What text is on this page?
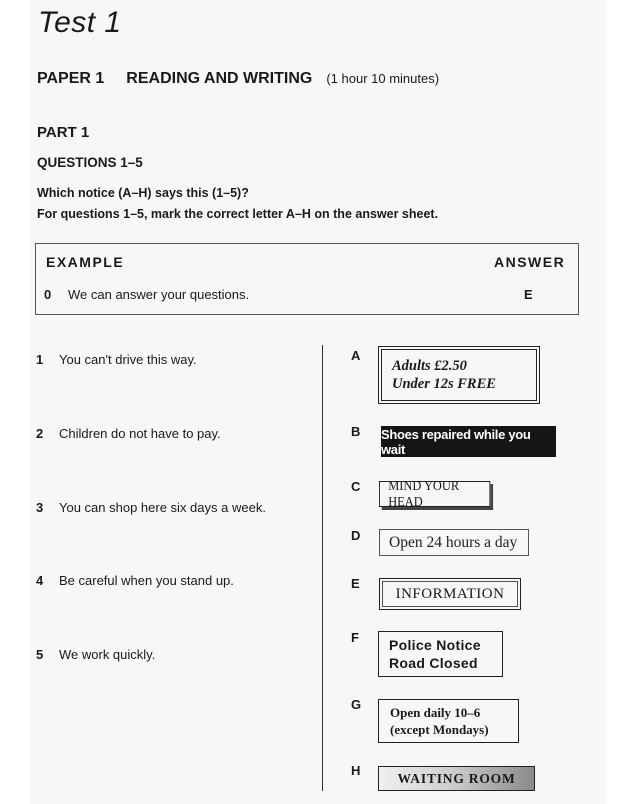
Test 1
PAPER 1 READING AND WRITING (1 hour 10 minutes)
PART 1
QUESTIONS 1–5
Which notice (A–H) says this (1–5)?
For questions 1–5, mark the correct letter A–H on the answer sheet.
EXAMPLE	ANSWER
0 We can answer your questions.	E
1 You can't drive this way.
2 Children do not have to pay.
3 You can shop here six days a week.
4 Be careful when you stand up.
5 We work quickly.
A
B
C
D
E
F
G
H
Adults £2.50
Under 12s FREE
Shoes repaired while you wait
MIND YOUR HEAD
Open 24 hours a day
INFORMATION
Police Notice
Road Closed
Open daily 10–6
(except Mondays)
WAITING ROOM
